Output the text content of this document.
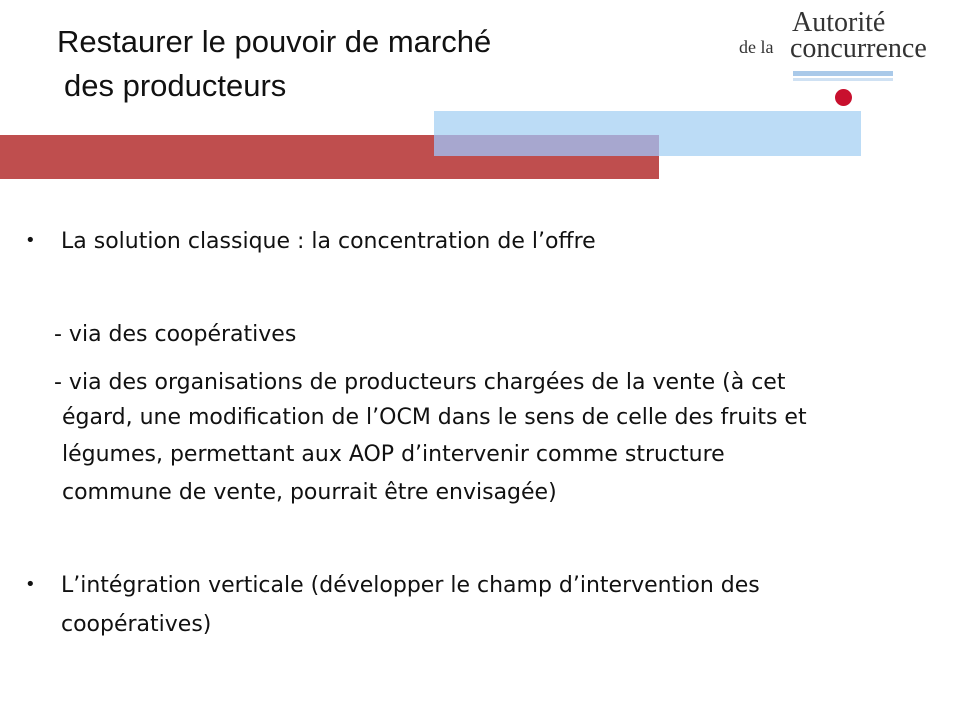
Restaurer le pouvoir de marché
des producteurs
Autorité
de la concurrence
• La solution classique : la concentration de l’offre
- via des coopératives
- via des organisations de producteurs chargées de la vente (à cet
égard, une modification de l’OCM dans le sens de celle des fruits et
légumes, permettant aux AOP d’intervenir comme structure
commune de vente, pourrait être envisagée)
• L’intégration verticale (développer le champ d’intervention des
coopératives)
